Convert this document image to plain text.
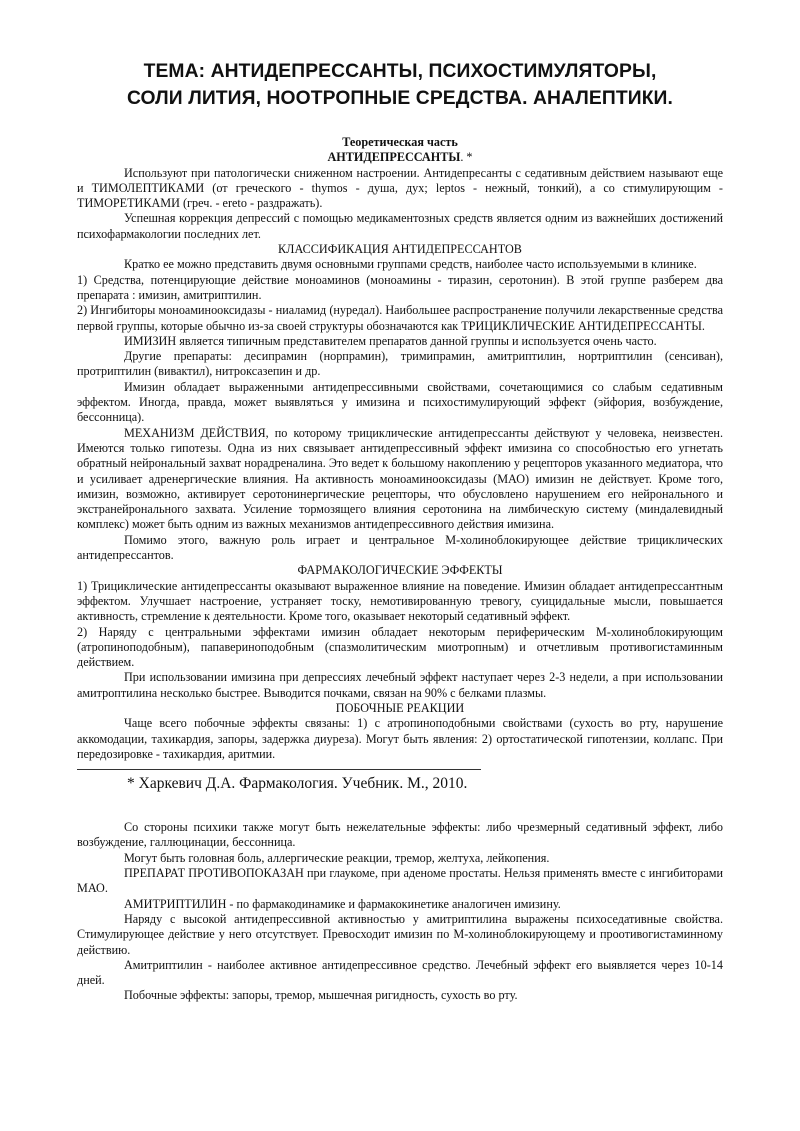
ТЕМА: АНТИДЕПРЕССАНТЫ, ПСИХОСТИМУЛЯТОРЫ,
СОЛИ ЛИТИЯ, НООТРОПНЫЕ СРЕДСТВА. АНАЛЕПТИКИ.

Теоретическая часть

АНТИДЕПРЕССАНТЫ. *

Используют при патологически сниженном настроении. Антидепресанты с седативным действием называют еще и ТИМОЛЕПТИКАМИ (от греческого - thymos - душа, дух; leptos - нежный, тонкий), а со стимулирующим - ТИМОРЕТИКАМИ (греч. - ereto - раздражать).

Успешная коррекция депрессий с помощью медикаментозных средств является одним из важнейших достижений психофармакологии последних лет.

КЛАССИФИКАЦИЯ АНТИДЕПРЕССАНТОВ

Кратко ее можно представить двумя основными группами средств, наиболее часто используемыми в клинике.

1) Средства, потенцирующие действие моноаминов (моноамины - тиразин, серотонин). В этой группе разберем два препарата : имизин, амитриптилин.

2) Ингибиторы моноаминооксидазы - ниаламид (нуредал). Наибольшее распространение получили лекарственные средства первой группы, которые обычно из-за своей структуры обозначаются как ТРИЦИКЛИЧЕСКИЕ АНТИДЕПРЕССАНТЫ.

ИМИЗИН является типичным представителем препаратов данной группы и используется очень часто.

Другие препараты: десипрамин (норпрамин), тримипрамин, амитриптилин, нортриптилин (сенсиван), протриптилин (вивактил), нитроксазепин и др.

Имизин обладает выраженными антидепрессивными свойствами, сочетающимися со слабым седативным эффектом. Иногда, правда, может выявляться у имизина и психостимулирующий эффект (эйфория, возбуждение, бессонница).

МЕХАНИЗМ ДЕЙСТВИЯ, по которому трициклические антидепрессанты действуют у человека, неизвестен. Имеются только гипотезы. Одна из них связывает антидепрессивный эффект имизина со способностью его угнетать обратный нейрональный захват норадреналина. Это ведет к большому накоплению у рецепторов указанного медиатора, что и усиливает адренергические влияния. На активность моноаминооксидазы (МАО) имизин не действует. Кроме того, имизин, возможно, активирует серотонинергические рецепторы, что обусловлено нарушением его нейронального и экстранейронального захвата. Усиление тормозящего влияния серотонина на лимбическую систему (миндалевидный комплекс) может быть одним из важных механизмов антидепрессивного действия имизина.

Помимо этого, важную роль играет и центральное М-холиноблокирующее действие трициклических антидепрессантов.

ФАРМАКОЛОГИЧЕСКИЕ ЭФФЕКТЫ

1) Трициклические антидепрессанты оказывают выраженное влияние на поведение. Имизин обладает антидепрессантным эффектом. Улучшает настроение, устраняет тоску, немотивированную тревогу, суицидальные мысли, повышается активность, стремление к деятельности. Кроме того, оказывает некоторый седативный эффект.

2) Наряду с центральными эффектами имизин обладает некоторым периферическим М-холиноблокирующим (атропиноподобным), папавериноподобным (спазмолитическим миотропным) и отчетливым противогистаминным действием.

При использовании имизина при депрессиях лечебный эффект наступает через 2-3 недели, а при использовании амитроптилина несколько быстрее. Выводится почками, связан на 90% с белками плазмы.

ПОБОЧНЫЕ РЕАКЦИИ

Чаще всего побочные эффекты связаны: 1) с атропиноподобными свойствами (сухость во рту, нарушение аккомодации, тахикардия, запоры, задержка диуреза). Могут быть явления: 2) ортостатической гипотензии, коллапс. При передозировке - тахикардия, аритмии.

* Харкевич Д.А. Фармакология. Учебник. М., 2010.

Со стороны психики также могут быть нежелательные эффекты: либо чрезмерный седативный эффект, либо возбуждение, галлюцинации, бессонница.

Могут быть головная боль, аллергические реакции, тремор, желтуха, лейкопения.

ПРЕПАРАТ ПРОТИВОПОКАЗАН при глаукоме, при аденоме простаты. Нельзя применять вместе с ингибиторами МАО.

АМИТРИПТИЛИН - по фармакодинамике и фармакокинетике аналогичен имизину.

Наряду с высокой антидепрессивной активностью у амитриптилина выражены психоседативные свойства. Стимулирующее действие у него отсутствует. Превосходит имизин по М-холиноблокирующему и проотивогистаминному действию.

Амитриптилин - наиболее активное антидепрессивное средство. Лечебный эффект его выявляется через 10-14 дней.

Побочные эффекты: запоры, тремор, мышечная ригидность, сухость во рту.
